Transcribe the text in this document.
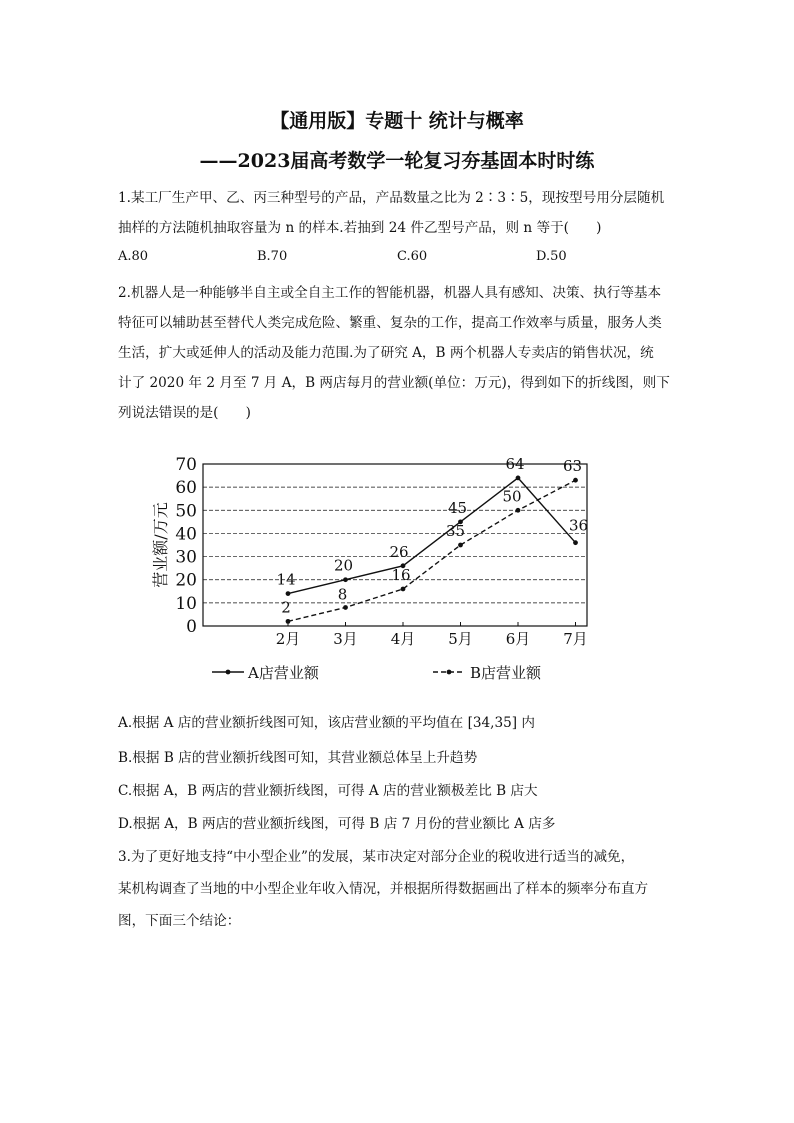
【通用版】专题十 统计与概率
——2023届高考数学一轮复习夯基固本时时练
1.某工厂生产甲、乙、丙三种型号的产品，产品数量之比为 2∶3∶5，现按型号用分层随机
抽样的方法随机抽取容量为 n 的样本.若抽到 24 件乙型号产品，则 n 等于(　　)
A.80	B.70	C.60	D.50
2.机器人是一种能够半自主或全自主工作的智能机器，机器人具有感知、决策、执行等基本
特征可以辅助甚至替代人类完成危险、繁重、复杂的工作，提高工作效率与质量，服务人类
生活，扩大或延伸人的活动及能力范围.为了研究 A，B 两个机器人专卖店的销售状况，统
计了 2020 年 2 月至 7 月 A，B 两店每月的营业额(单位：万元)，得到如下的折线图，则下
列说法错误的是(　　)
0
10
20
30
40
50
60
70
营业额/万元
2月 3月 4月 5月 6月 7月
14
20
26
45
64
36
2
8
16
35
50
63
A店营业额	B店营业额
A.根据 A 店的营业额折线图可知，该店营业额的平均值在 [34,35] 内
B.根据 B 店的营业额折线图可知，其营业额总体呈上升趋势
C.根据 A，B 两店的营业额折线图，可得 A 店的营业额极差比 B 店大
D.根据 A，B 两店的营业额折线图，可得 B 店 7 月份的营业额比 A 店多
3.为了更好地支持“中小型企业”的发展，某市决定对部分企业的税收进行适当的减免，
某机构调查了当地的中小型企业年收入情况，并根据所得数据画出了样本的频率分布直方
图，下面三个结论：
